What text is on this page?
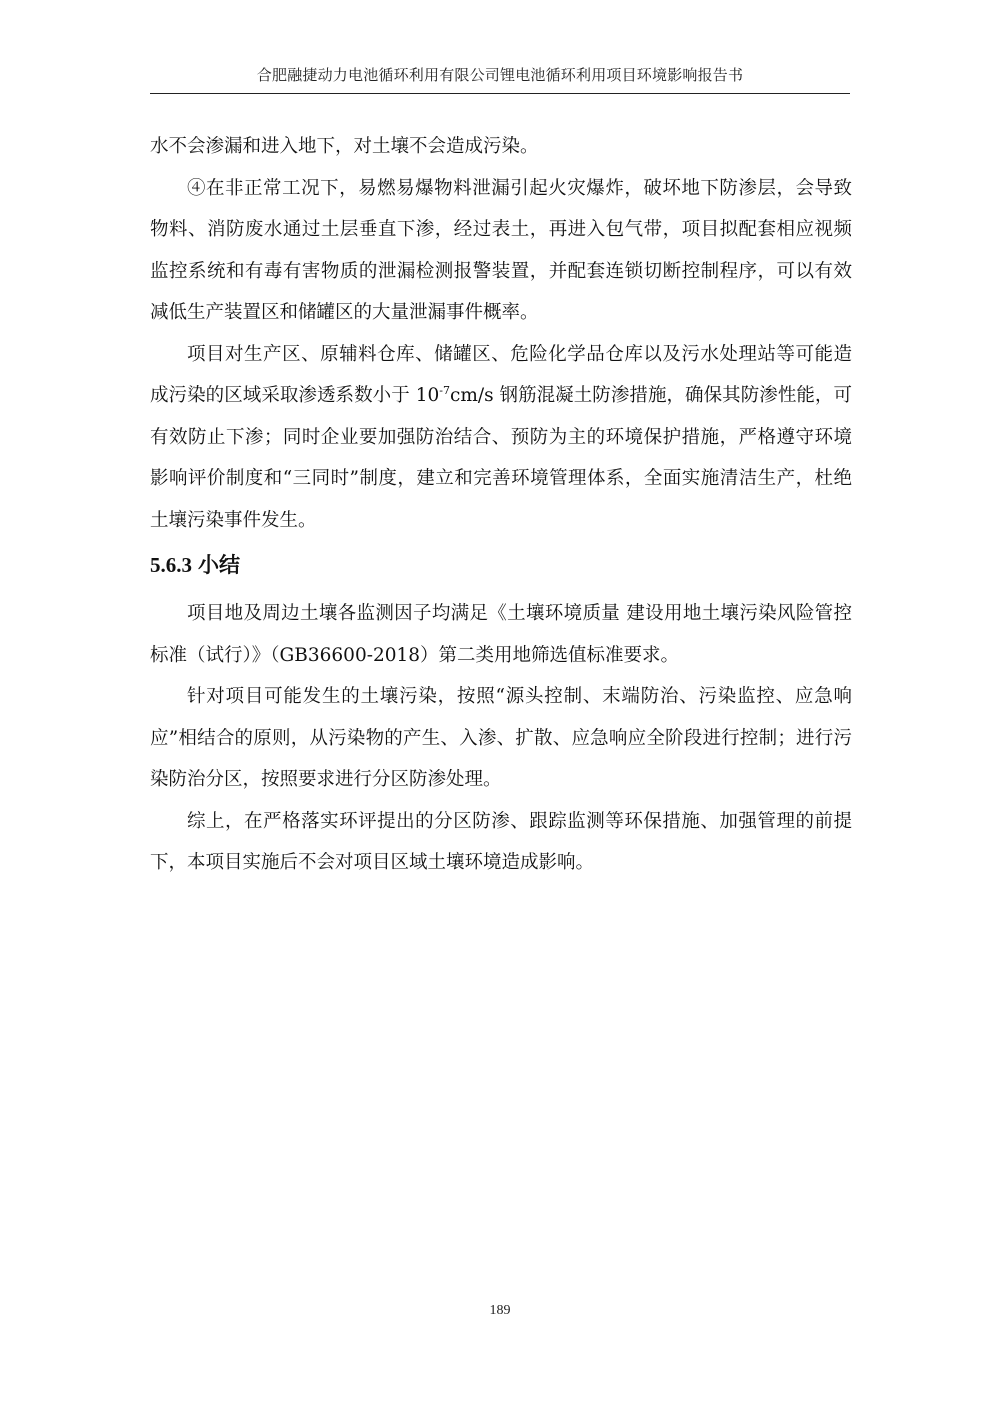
合肥融捷动力电池循环利用有限公司锂电池循环利用项目环境影响报告书

水不会渗漏和进入地下，对土壤不会造成污染。

④在非正常工况下，易燃易爆物料泄漏引起火灾爆炸，破坏地下防渗层，会导致物料、消防废水通过土层垂直下渗，经过表土，再进入包气带，项目拟配套相应视频监控系统和有毒有害物质的泄漏检测报警装置，并配套连锁切断控制程序，可以有效减低生产装置区和储罐区的大量泄漏事件概率。

项目对生产区、原辅料仓库、储罐区、危险化学品仓库以及污水处理站等可能造成污染的区域采取渗透系数小于 $10^{-7}cm/s$ 钢筋混凝土防渗措施，确保其防渗性能，可有效防止下渗；同时企业要加强防治结合、预防为主的环境保护措施，严格遵守环境影响评价制度和“三同时”制度，建立和完善环境管理体系，全面实施清洁生产，杜绝土壤污染事件发生。

5.6.3 小结

项目地及周边土壤各监测因子均满足《土壤环境质量 建设用地土壤污染风险管控标准（试行）》（GB36600-2018）第二类用地筛选值标准要求。

针对项目可能发生的土壤污染，按照“源头控制、末端防治、污染监控、应急响应”相结合的原则，从污染物的产生、入渗、扩散、应急响应全阶段进行控制；进行污染防治分区，按照要求进行分区防渗处理。

综上，在严格落实环评提出的分区防渗、跟踪监测等环保措施、加强管理的前提下，本项目实施后不会对项目区域土壤环境造成影响。

189
